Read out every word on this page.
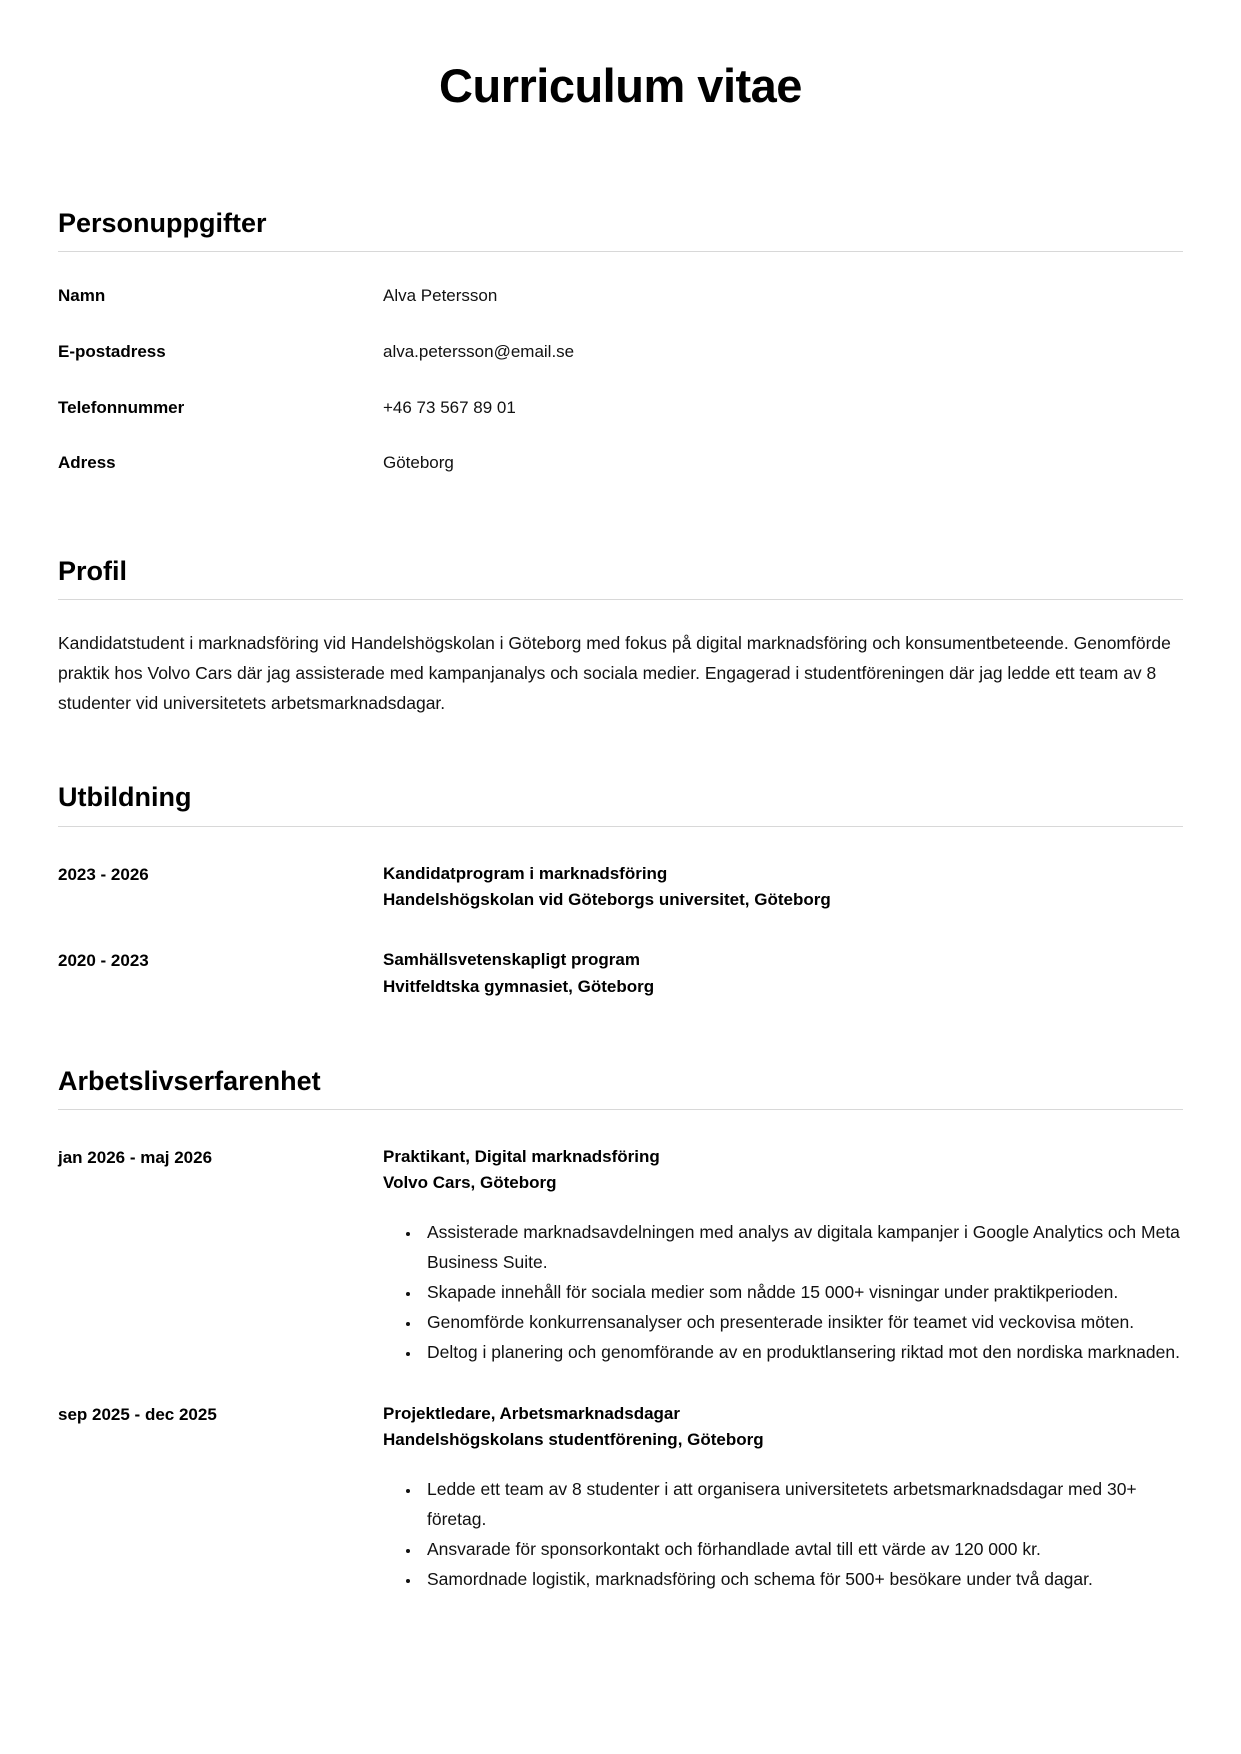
Curriculum vitae
Personuppgifter
Namn	Alva Petersson
E-postadress	alva.petersson@email.se
Telefonnummer	+46 73 567 89 01
Adress	Göteborg
Profil

Kandidatstudent i marknadsföring vid Handelshögskolan i Göteborg med fokus på digital marknadsföring och konsumentbeteende. Genomförde praktik hos Volvo Cars där jag assisterade med kampanjanalys och sociala medier. Engagerad i studentföreningen där jag ledde ett team av 8 studenter vid universitetets arbetsmarknadsdagar.

Utbildning
2023 - 2026	Kandidatprogram i marknadsföring
Handelshögskolan vid Göteborgs universitet, Göteborg
2020 - 2023	Samhällsvetenskapligt program
Hvitfeldtska gymnasiet, Göteborg
Arbetslivserfarenhet
jan 2026 - maj 2026	Praktikant, Digital marknadsföring
Volvo Cars, Göteborg
• Assisterade marknadsavdelningen med analys av digitala kampanjer i Google Analytics och Meta Business Suite.
• Skapade innehåll för sociala medier som nådde 15 000+ visningar under praktikperioden.
• Genomförde konkurrensanalyser och presenterade insikter för teamet vid veckovisa möten.
• Deltog i planering och genomförande av en produktlansering riktad mot den nordiska marknaden.
sep 2025 - dec 2025	Projektledare, Arbetsmarknadsdagar
Handelshögskolans studentförening, Göteborg
• Ledde ett team av 8 studenter i att organisera universitetets arbetsmarknadsdagar med 30+ företag.
• Ansvarade för sponsorkontakt och förhandlade avtal till ett värde av 120 000 kr.
• Samordnade logistik, marknadsföring och schema för 500+ besökare under två dagar.
